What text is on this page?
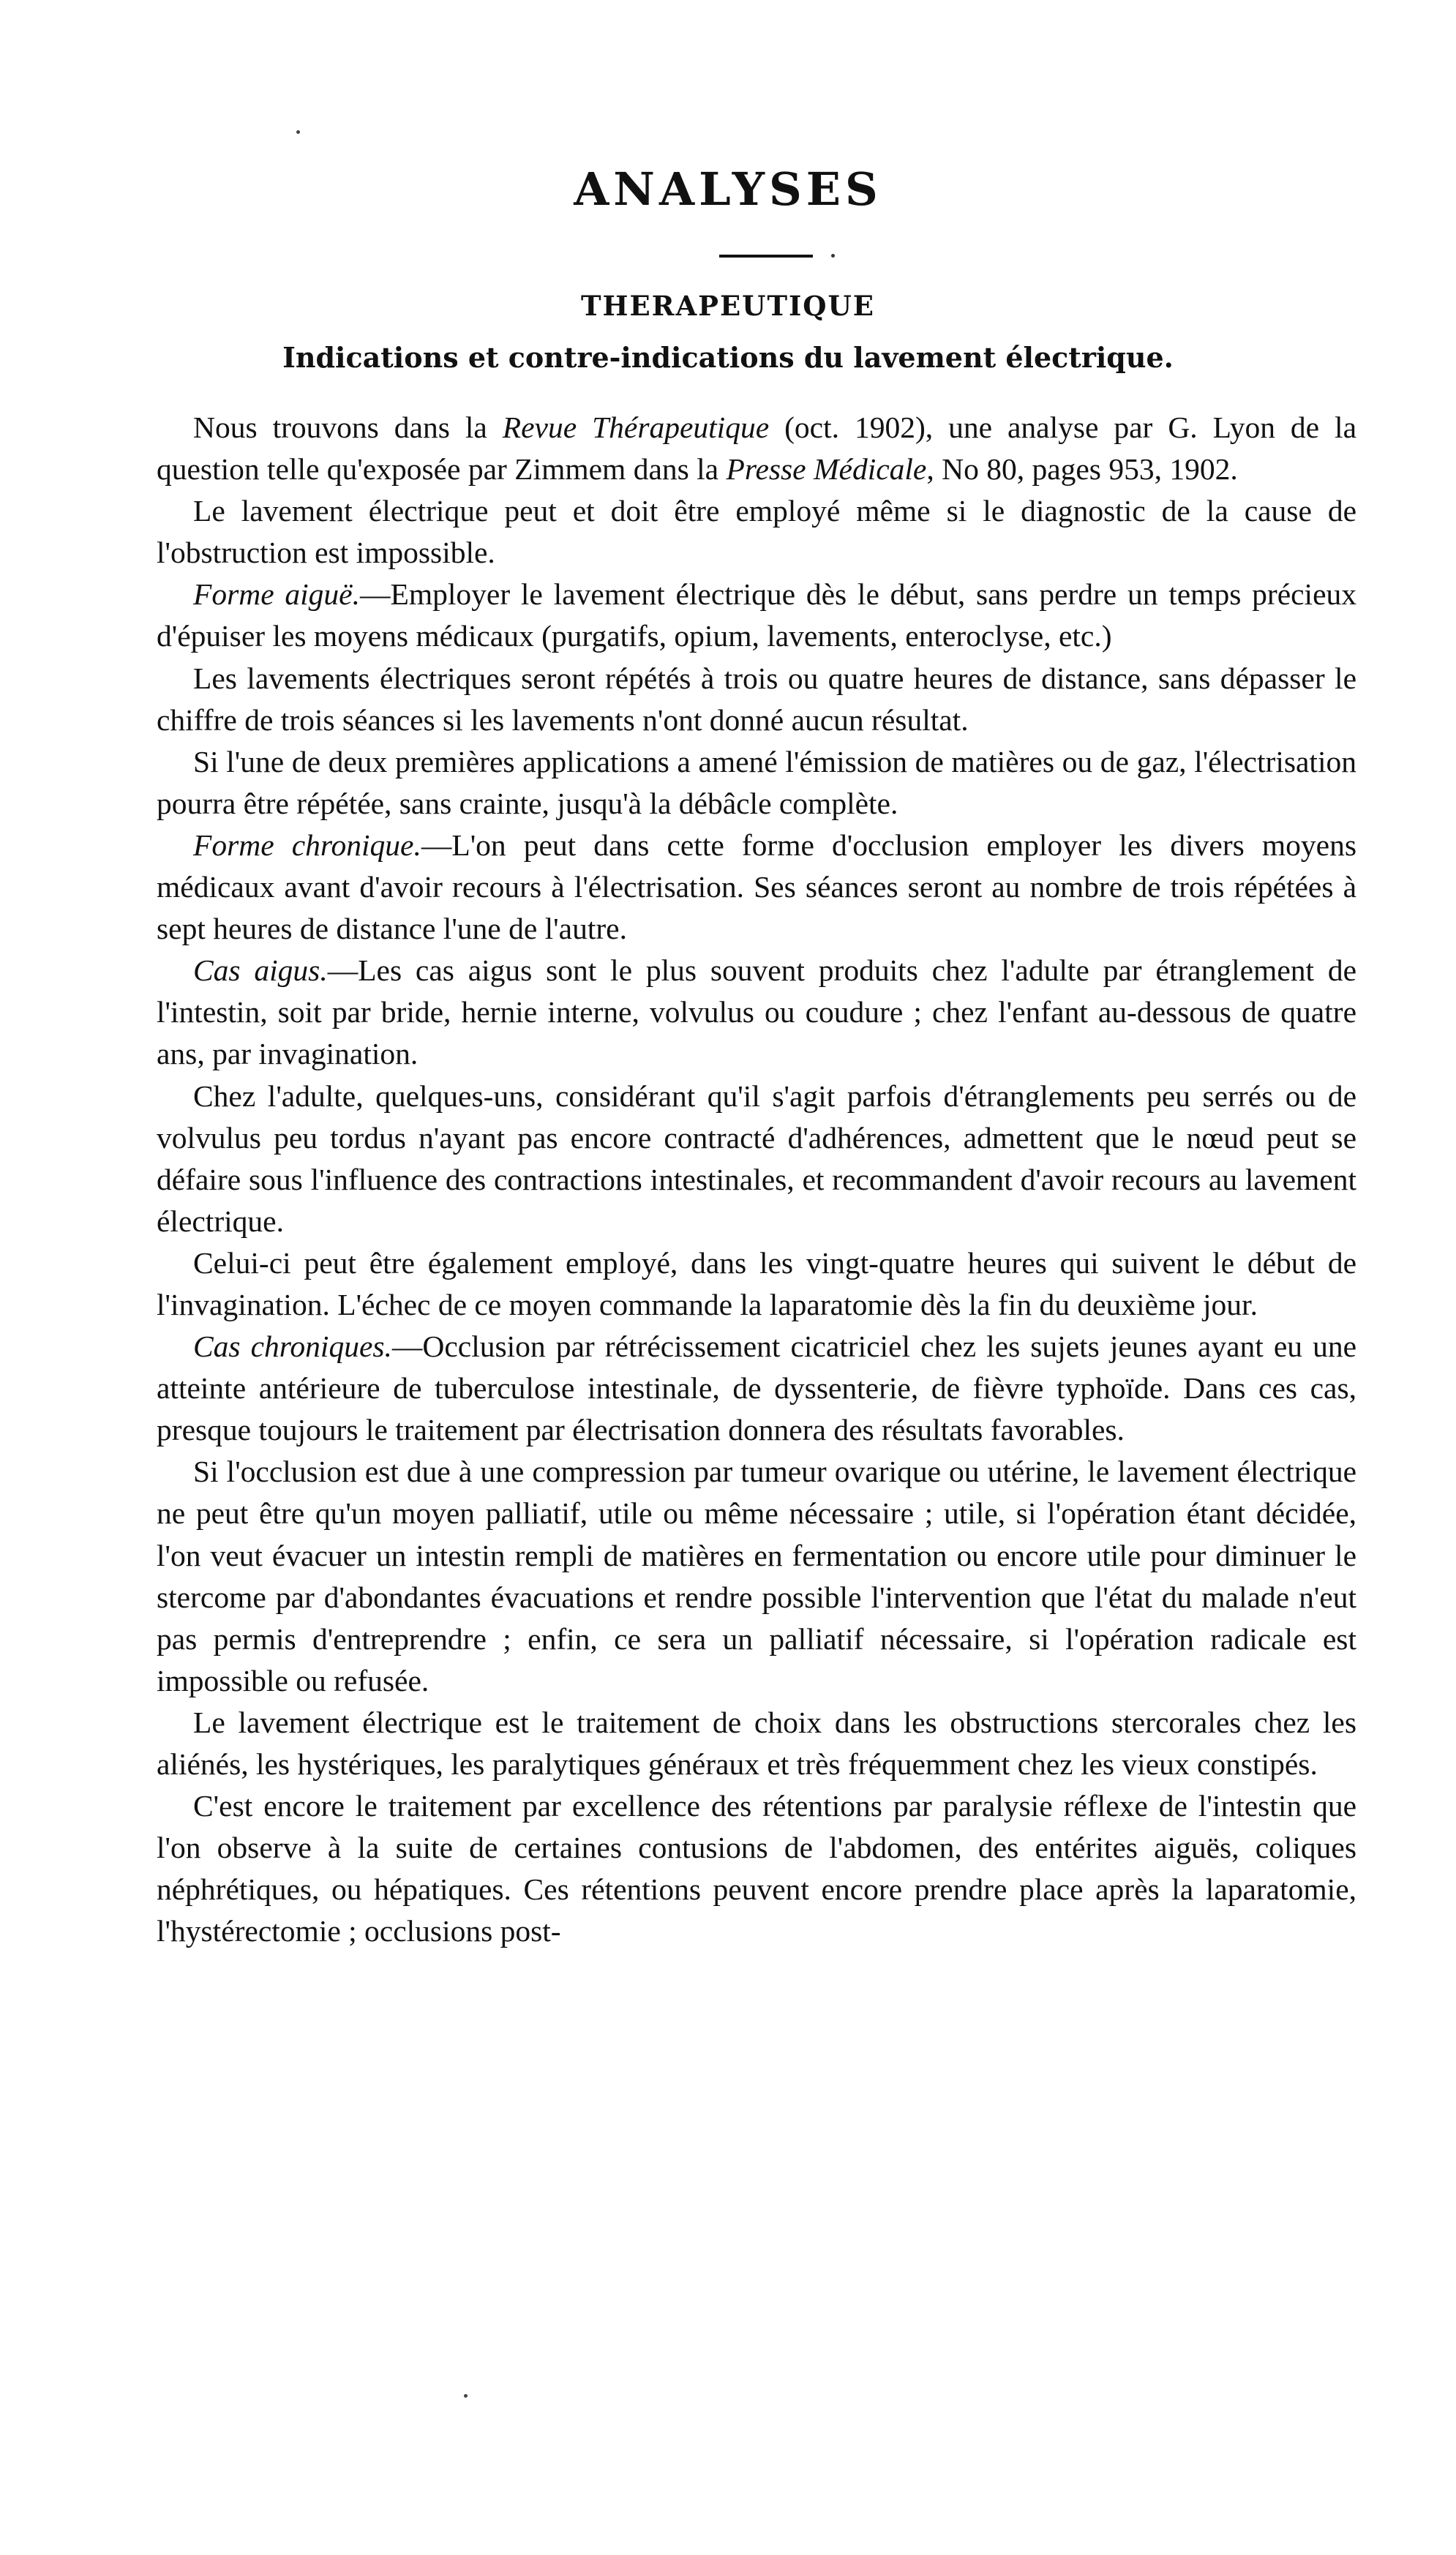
ANALYSES
THERAPEUTIQUE
Indications et contre-indications du lavement électrique.

Nous trouvons dans la Revue Thérapeutique (oct. 1902), une analyse par G. Lyon de la question telle qu'exposée par Zimmem dans la Presse Médicale, No 80, pages 953, 1902.

Le lavement électrique peut et doit être employé même si le diagnostic de la cause de l'obstruction est impossible.

Forme aiguë.—Employer le lavement électrique dès le début, sans perdre un temps précieux d'épuiser les moyens médicaux (purgatifs, opium, lavements, enteroclyse, etc.)

Les lavements électriques seront répétés à trois ou quatre heures de distance, sans dépasser le chiffre de trois séances si les lavements n'ont donné aucun résultat.

Si l'une de deux premières applications a amené l'émission de matières ou de gaz, l'électrisation pourra être répétée, sans crainte, jusqu'à la débâcle complète.

Forme chronique.—L'on peut dans cette forme d'occlusion employer les divers moyens médicaux avant d'avoir recours à l'électrisation. Ses séances seront au nombre de trois répétées à sept heures de distance l'une de l'autre.

Cas aigus.—Les cas aigus sont le plus souvent produits chez l'adulte par étranglement de l'intestin, soit par bride, hernie interne, volvulus ou coudure ; chez l'enfant au-dessous de quatre ans, par invagination.

Chez l'adulte, quelques-uns, considérant qu'il s'agit parfois d'étranglements peu serrés ou de volvulus peu tordus n'ayant pas encore contracté d'adhérences, admettent que le nœud peut se défaire sous l'influence des contractions intestinales, et recommandent d'avoir recours au lavement électrique.

Celui-ci peut être également employé, dans les vingt-quatre heures qui suivent le début de l'invagination. L'échec de ce moyen commande la laparatomie dès la fin du deuxième jour.

Cas chroniques.—Occlusion par rétrécissement cicatriciel chez les sujets jeunes ayant eu une atteinte antérieure de tuberculose intestinale, de dyssenterie, de fièvre typhoïde. Dans ces cas, presque toujours le traitement par électrisation donnera des résultats favorables.

Si l'occlusion est due à une compression par tumeur ovarique ou utérine, le lavement électrique ne peut être qu'un moyen palliatif, utile ou même nécessaire ; utile, si l'opération étant décidée, l'on veut évacuer un intestin rempli de matières en fermentation ou encore utile pour diminuer le stercome par d'abondantes évacuations et rendre possible l'intervention que l'état du malade n'eut pas permis d'entreprendre ; enfin, ce sera un palliatif nécessaire, si l'opération radicale est impossible ou refusée.

Le lavement électrique est le traitement de choix dans les obstructions stercorales chez les aliénés, les hystériques, les paralytiques généraux et très fréquemment chez les vieux constipés.

C'est encore le traitement par excellence des rétentions par paralysie réflexe de l'intestin que l'on observe à la suite de certaines contusions de l'abdomen, des entérites aiguës, coliques néphrétiques, ou hépatiques. Ces rétentions peuvent encore prendre place après la laparatomie, l'hystérectomie ; occlusions post-
